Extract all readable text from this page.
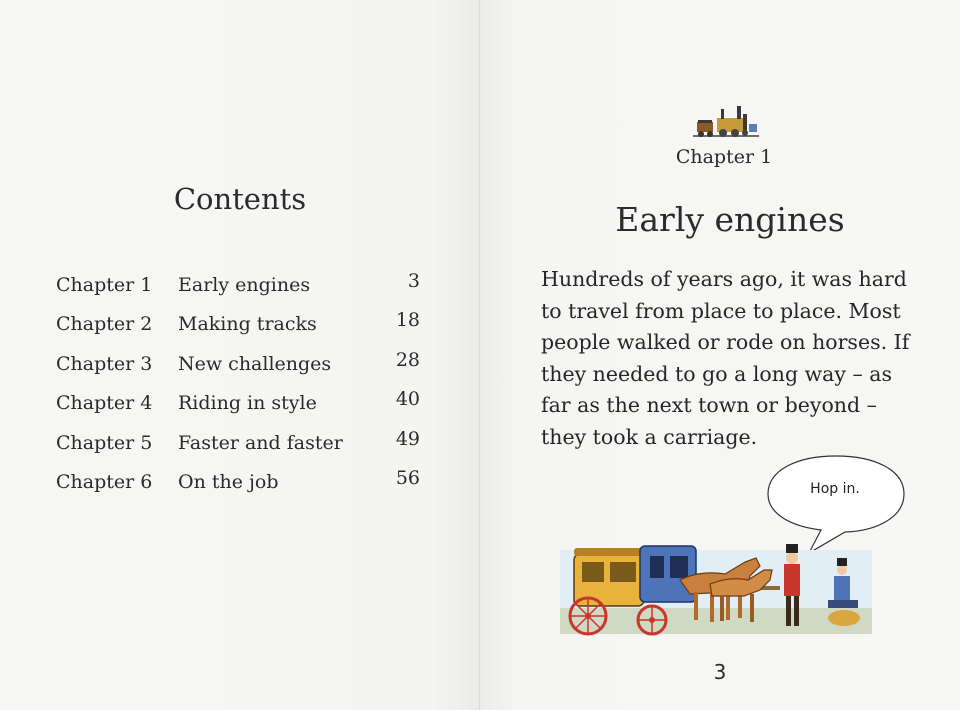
Contents
Chapter 1 Early engines	3
Chapter 2 Making tracks	18
Chapter 3 New challenges	28
Chapter 4 Riding in style	40
Chapter 5 Faster and faster	49
Chapter 6 On the job	56

Chapter 1

Early engines

Hundreds of years ago, it was hard
to travel from place to place. Most
people walked or rode on horses. If
they needed to go a long way – as
far as the next town or beyond –
they took a carriage.

Hop in.
3
